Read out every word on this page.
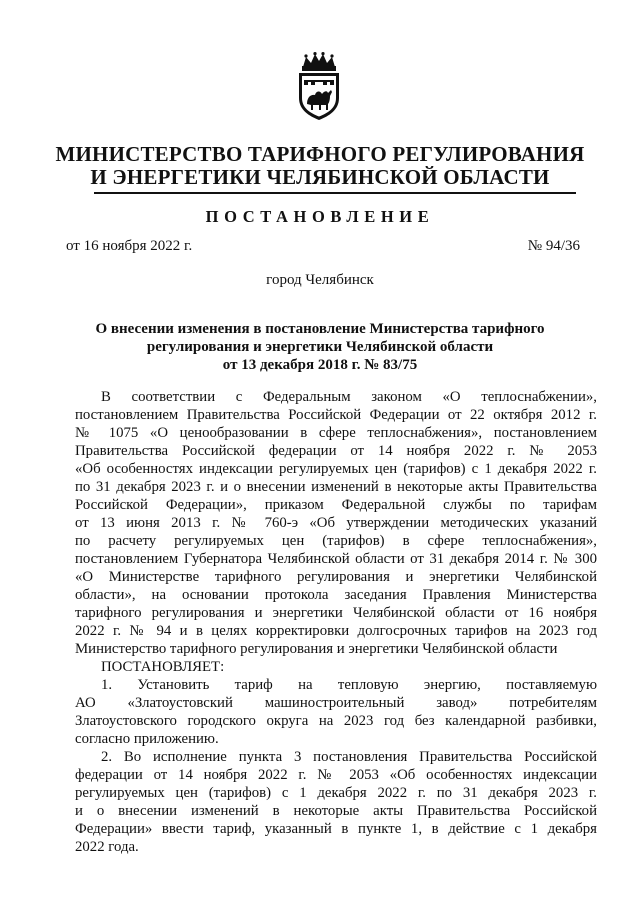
МИНИСТЕРСТВО ТАРИФНОГО РЕГУЛИРОВАНИЯ
И ЭНЕРГЕТИКИ ЧЕЛЯБИНСКОЙ ОБЛАСТИ
ПОСТАНОВЛЕНИЕ
от 16 ноября 2022 г.	№ 94/36
город Челябинск
О внесении изменения в постановление Министерства тарифного
регулирования и энергетики Челябинской области
от 13 декабря 2018 г. № 83/75
В соответствии с Федеральным законом «О теплоснабжении»,
постановлением Правительства Российской Федерации от 22 октября 2012 г.
№ 1075 «О ценообразовании в сфере теплоснабжения», постановлением
Правительства Российской федерации от 14 ноября 2022 г. № 2053
«Об особенностях индексации регулируемых цен (тарифов) с 1 декабря 2022 г.
по 31 декабря 2023 г. и о внесении изменений в некоторые акты Правительства
Российской Федерации», приказом Федеральной службы по тарифам
от 13 июня 2013 г. № 760-э «Об утверждении методических указаний
по расчету регулируемых цен (тарифов) в сфере теплоснабжения»,
постановлением Губернатора Челябинской области от 31 декабря 2014 г. № 300
«О Министерстве тарифного регулирования и энергетики Челябинской
области», на основании протокола заседания Правления Министерства
тарифного регулирования и энергетики Челябинской области от 16 ноября
2022 г. № 94 и в целях корректировки долгосрочных тарифов на 2023 год
Министерство тарифного регулирования и энергетики Челябинской области
ПОСТАНОВЛЯЕТ:
1. Установить тариф на тепловую энергию, поставляемую
АО «Златоустовский машиностроительный завод» потребителям
Златоустовского городского округа на 2023 год без календарной разбивки,
согласно приложению.
2. Во исполнение пункта 3 постановления Правительства Российской
федерации от 14 ноября 2022 г. № 2053 «Об особенностях индексации
регулируемых цен (тарифов) с 1 декабря 2022 г. по 31 декабря 2023 г.
и о внесении изменений в некоторые акты Правительства Российской
Федерации» ввести тариф, указанный в пункте 1, в действие с 1 декабря
2022 года.
